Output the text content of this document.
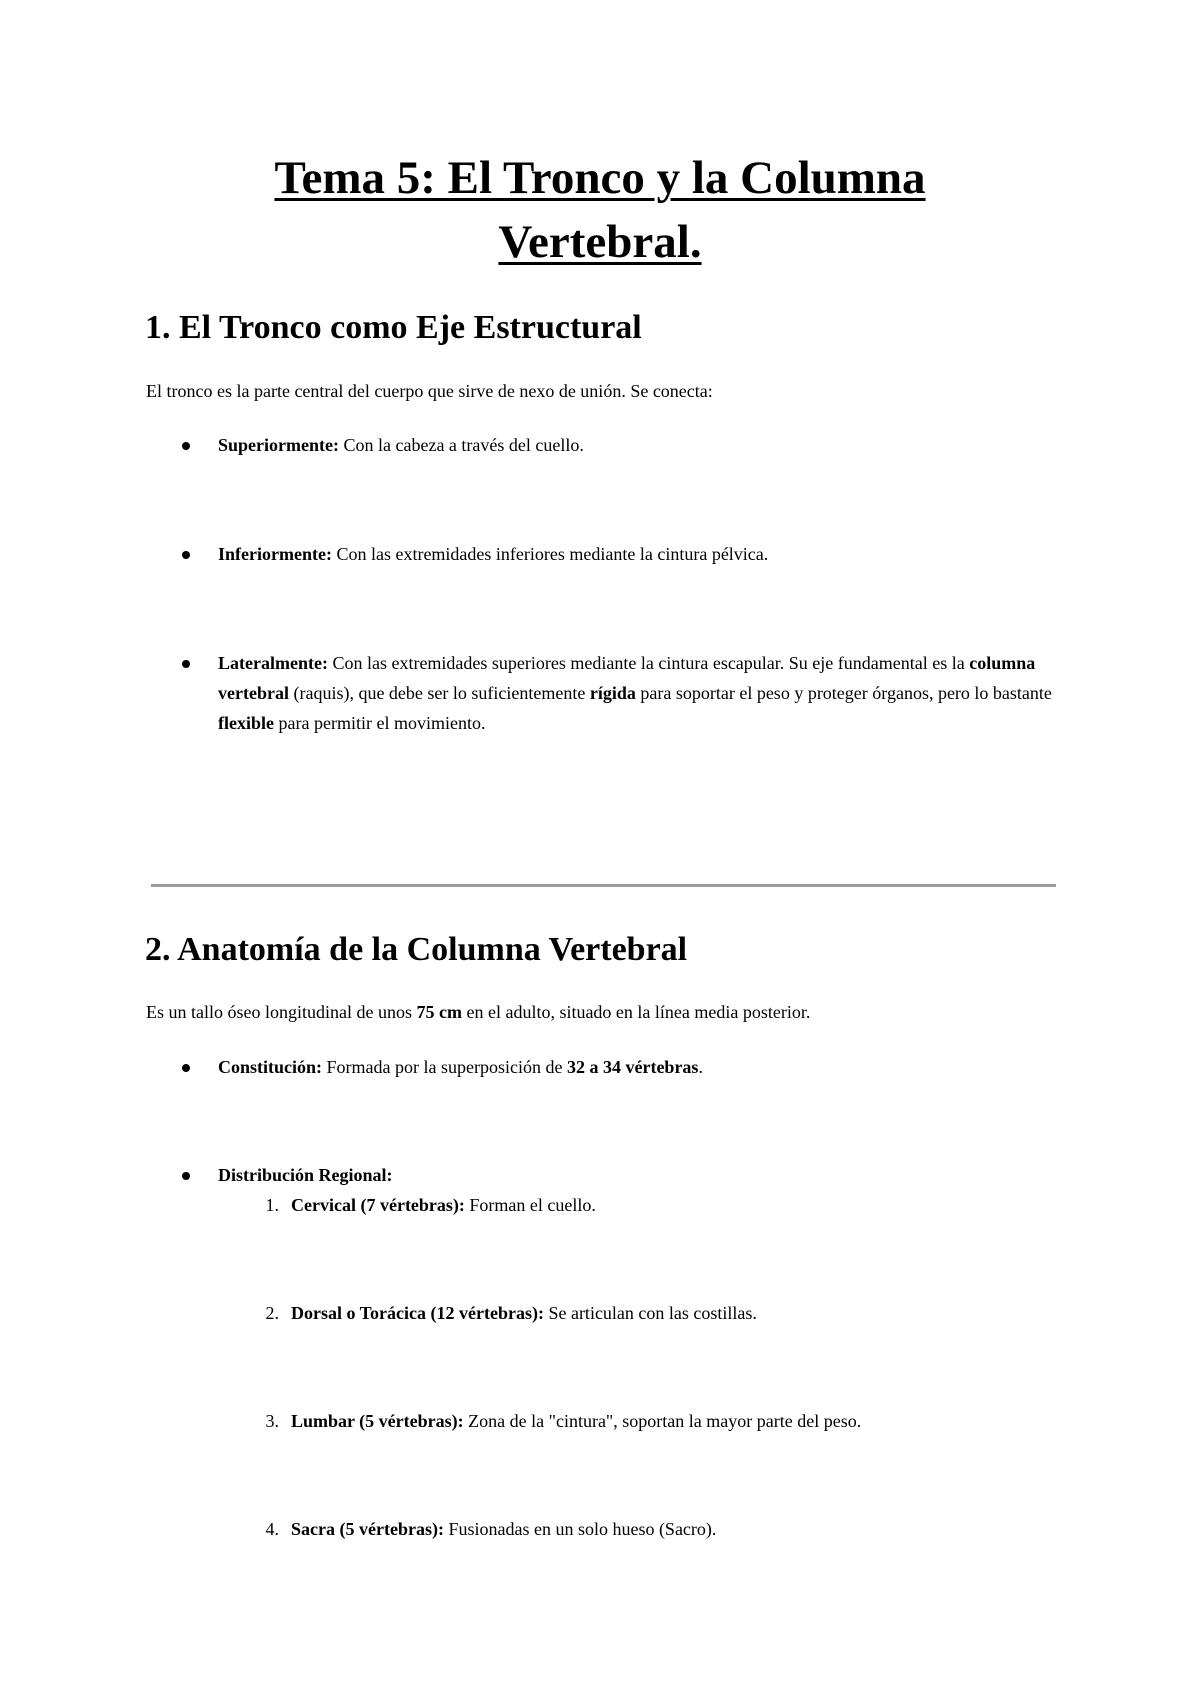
Tema 5: El Tronco y la Columna
Vertebral.
1. El Tronco como Eje Estructural

El tronco es la parte central del cuerpo que sirve de nexo de unión. Se conecta:

Superiormente: Con la cabeza a través del cuello.
Inferiormente: Con las extremidades inferiores mediante la cintura pélvica.
Lateralmente: Con las extremidades superiores mediante la cintura escapular. Su eje fundamental es la columna vertebral (raquis), que debe ser lo suficientemente rígida para soportar el peso y proteger órganos, pero lo bastante flexible para permitir el movimiento.
2. Anatomía de la Columna Vertebral

Es un tallo óseo longitudinal de unos 75 cm en el adulto, situado en la línea media posterior.

Constitución: Formada por la superposición de 32 a 34 vértebras.
Distribución Regional:
1. Cervical (7 vértebras): Forman el cuello.
2. Dorsal o Torácica (12 vértebras): Se articulan con las costillas.
3. Lumbar (5 vértebras): Zona de la "cintura", soportan la mayor parte del peso.
4. Sacra (5 vértebras): Fusionadas en un solo hueso (Sacro).
